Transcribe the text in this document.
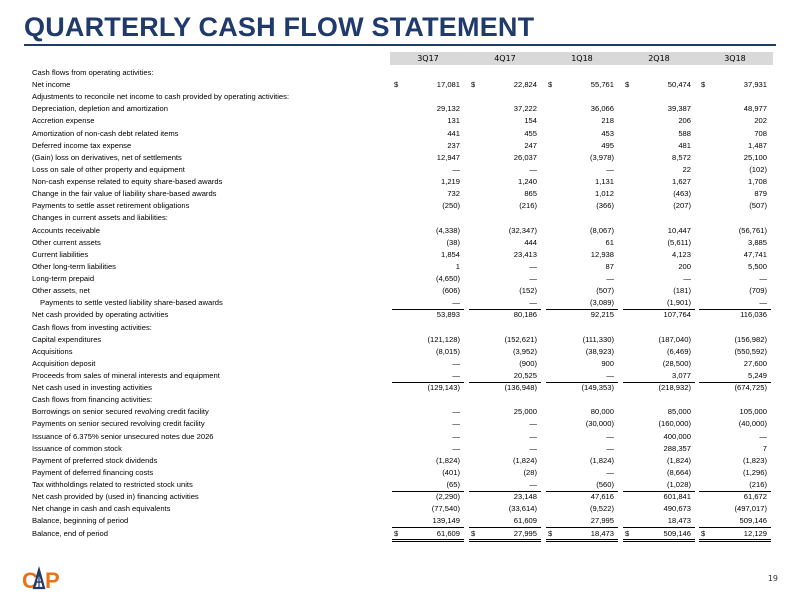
QUARTERLY CASH FLOW STATEMENT
3Q17	4Q17	1Q18	2Q18	3Q18
Cash flows from operating activities:
Net income	$	17,081 $	22,824 $	55,761 $	50,474 $	37,931
Adjustments to reconcile net income to cash provided by operating activities:
Depreciation, depletion and amortization	29,132	37,222	36,066	39,387	48,977
Accretion expense	131	154	218	206	202
Amortization of non-cash debt related items	441	455	453	588	708
Deferred income tax expense	237	247	495	481	1,487
(Gain) loss on derivatives, net of settlements	12,947	26,037	(3,978)	8,572	25,100
Loss on sale of other property and equipment	—	—	—	22	(102)
Non-cash expense related to equity share-based awards	1,219	1,240	1,131	1,627	1,708
Change in the fair value of liability share-based awards	732	865	1,012	(463)	879
Payments to settle asset retirement obligations	(250)	(216)	(366)	(207)	(507)
Changes in current assets and liabilities:
Accounts receivable	(4,338)	(32,347)	(8,067)	10,447	(56,761)
Other current assets	(38)	444	61	(5,611)	3,885
Current liabilities	1,854	23,413	12,938	4,123	47,741
Other long-term liabilities	1	—	87	200	5,500
Long-term prepaid	(4,650)	—	—	—	—
Other assets, net	(606)	(152)	(507)	(181)	(709)
Payments to settle vested liability share-based awards	—	—	(3,089)	(1,901)	—
Net cash provided by operating activities	53,893	80,186	92,215	107,764	116,036
Cash flows from investing activities:
Capital expenditures	(121,128)	(152,621)	(111,330)	(187,040)	(156,982)
Acquisitions	(8,015)	(3,952)	(38,923)	(6,469)	(550,592)
Acquisition deposit	—	(900)	900	(28,500)	27,600
Proceeds from sales of mineral interests and equipment	—	20,525	—	3,077	5,249
Net cash used in investing activities	(129,143)	(136,948)	(149,353)	(218,932)	(674,725)
Cash flows from financing activities:
Borrowings on senior secured revolving credit facility	—	25,000	80,000	85,000	105,000
Payments on senior secured revolving credit facility	—	—	(30,000)	(160,000)	(40,000)
Issuance of 6.375% senior unsecured notes due 2026	—	—	—	400,000	—
Issuance of common stock	—	—	—	288,357	7
Payment of preferred stock dividends	(1,824)	(1,824)	(1,824)	(1,824)	(1,823)
Payment of deferred financing costs	(401)	(28)	—	(8,664)	(1,296)
Tax withholdings related to restricted stock units	(65)	—	(560)	(1,028)	(216)
Net cash provided by (used in) financing activities	(2,290)	23,148	47,616	601,841	61,672
Net change in cash and cash equivalents	(77,540)	(33,614)	(9,522)	490,673	(497,017)
Balance, beginning of period	139,149	61,609	27,995	18,473	509,146
Balance, end of period	$	61,609 $	27,995 $	18,473 $	509,146 $	12,129
C P	19
